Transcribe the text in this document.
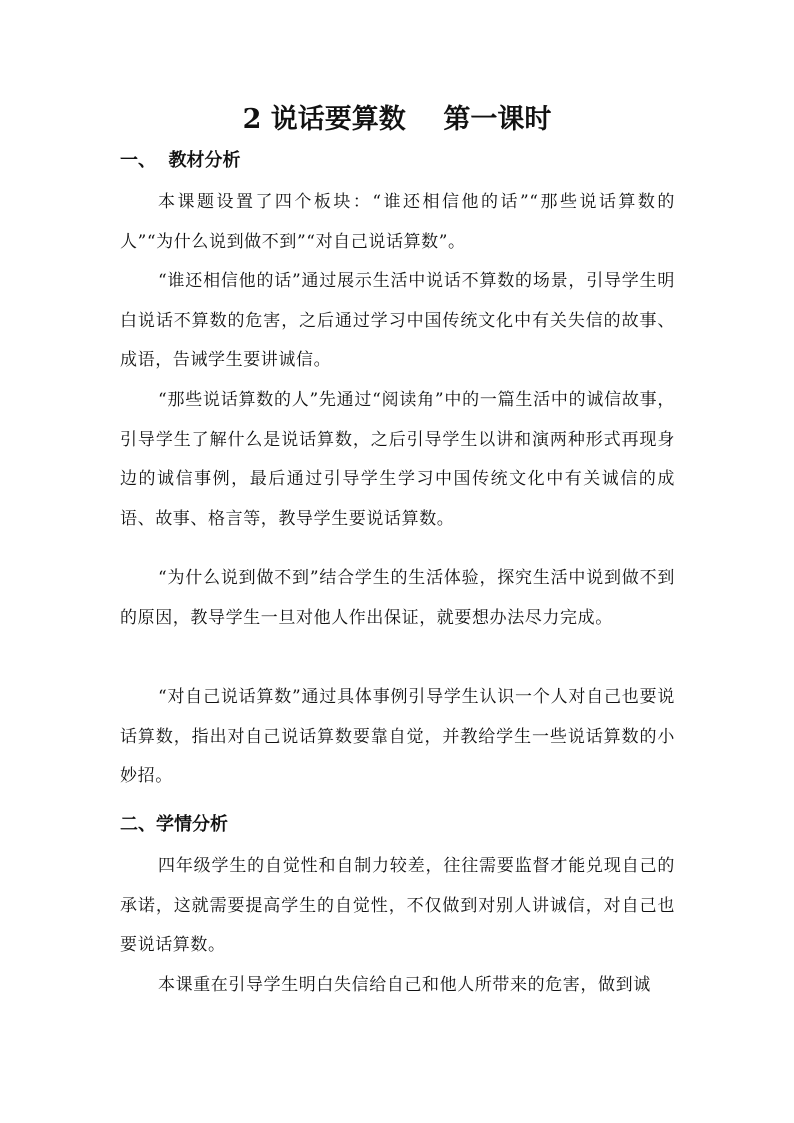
2 说话要算数    第一课时
一、  教材分析

本课题设置了四个板块：“谁还相信他的话”“那些说话算数的人”“为什么说到做不到”“对自己说话算数”。

“谁还相信他的话”通过展示生活中说话不算数的场景，引导学生明白说话不算数的危害，之后通过学习中国传统文化中有关失信的故事、成语，告诫学生要讲诚信。

“那些说话算数的人”先通过“阅读角”中的一篇生活中的诚信故事，引导学生了解什么是说话算数，之后引导学生以讲和演两种形式再现身边的诚信事例，最后通过引导学生学习中国传统文化中有关诚信的成语、故事、格言等，教导学生要说话算数。

“为什么说到做不到”结合学生的生活体验，探究生活中说到做不到的原因，教导学生一旦对他人作出保证，就要想办法尽力完成。

“对自己说话算数”通过具体事例引导学生认识一个人对自己也要说话算数，指出对自己说话算数要靠自觉，并教给学生一些说话算数的小妙招。

二、学情分析

四年级学生的自觉性和自制力较差，往往需要监督才能兑现自己的承诺，这就需要提高学生的自觉性，不仅做到对别人讲诚信，对自己也要说话算数。

本课重在引导学生明白失信给自己和他人所带来的危害，做到诚
